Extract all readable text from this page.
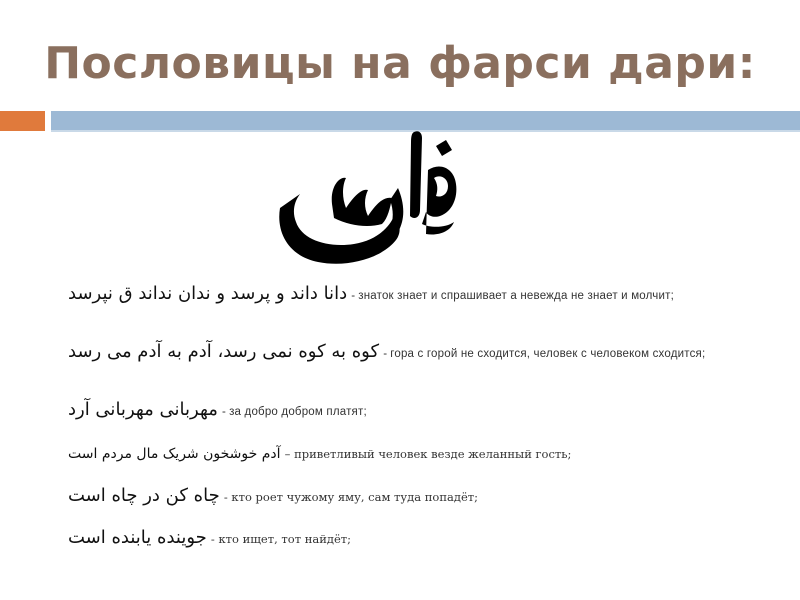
Пословицы на фарси дари:
دانا داند و پرسد و ندان نداند ق نپرسد - знаток знает и спрашивает а невежда не знает и молчит;
کوه به کوه نمی رسد، آدم به آدم می رسد - гора с горой не сходится, человек с человеком сходится;
مهربانی مهربانی آرد - за добро добром платят;
آدم خوشخون شریک مال مردم است – приветливый человек везде желанный гость;
چاه کن در چاه است - кто роет чужому яму, сам туда попадёт;
جوینده یابنده است - кто ищет, тот найдёт;
